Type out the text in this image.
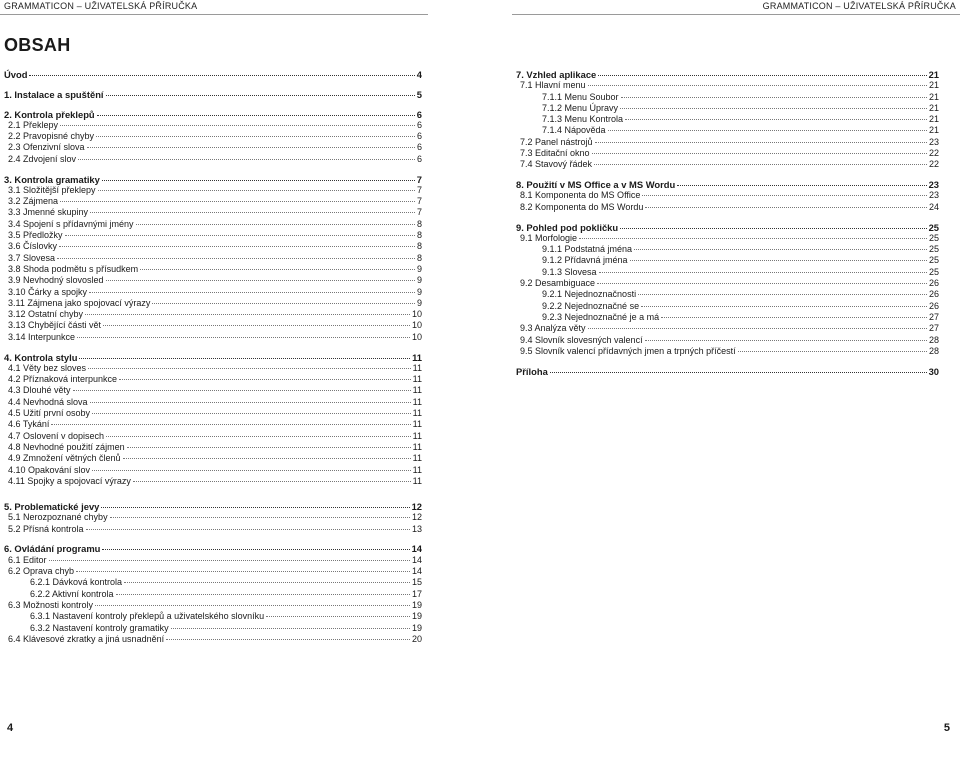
GRAMMATICON – UŽIVATELSKÁ PŘÍRUČKA	GRAMMATICON – UŽIVATELSKÁ PŘÍRUČKA
OBSAH
Úvod	4
1. Instalace a spuštění	5
2. Kontrola překlepů	6
2.1 Překlepy	6
2.2 Pravopisné chyby	6
2.3 Ofenzivní slova	6
2.4 Zdvojení slov	6
3. Kontrola gramatiky	7
3.1 Složitější překlepy	7
3.2 Zájmena	7
3.3 Jmenné skupiny	7
3.4 Spojení s přídavnými jmény	8
3.5 Předložky	8
3.6 Číslovky	8
3.7 Slovesa	8
3.8 Shoda podmětu s přísudkem	9
3.9 Nevhodný slovosled	9
3.10 Čárky a spojky	9
3.11 Zájmena jako spojovací výrazy	9
3.12 Ostatní chyby	10
3.13 Chybějící části vět	10
3.14 Interpunkce	10
4. Kontrola stylu	11
4.1 Věty bez sloves	11
4.2 Příznaková interpunkce	11
4.3 Dlouhé věty	11
4.4 Nevhodná slova	11
4.5 Užití první osoby	11
4.6 Tykání	11
4.7 Oslovení v dopisech	11
4.8 Nevhodné použití zájmen	11
4.9 Zmnožení větných členů	11
4.10 Opakování slov	11
4.11 Spojky a spojovací výrazy	11
5. Problematické jevy	12
5.1 Nerozpoznané chyby	12
5.2 Přísná kontrola	13
6. Ovládání programu	14
6.1 Editor	14
6.2 Oprava chyb	14
6.2.1 Dávková kontrola	15
6.2.2 Aktivní kontrola	17
6.3 Možnosti kontroly	19
6.3.1 Nastavení kontroly překlepů a uživatelského slovníku	19
6.3.2 Nastavení kontroly gramatiky	19
6.4 Klávesové zkratky a jiná usnadnění	20
7. Vzhled aplikace	21
7.1 Hlavní menu	21
7.1.1 Menu Soubor	21
7.1.2 Menu Úpravy	21
7.1.3 Menu Kontrola	21
7.1.4 Nápověda	21
7.2 Panel nástrojů	23
7.3 Editační okno	22
7.4 Stavový řádek	22
8. Použití v MS Office a v MS Wordu	23
8.1 Komponenta do MS Office	23
8.2 Komponenta do MS Wordu	24
9. Pohled pod pokličku	25
9.1 Morfologie	25
9.1.1 Podstatná jména	25
9.1.2 Přídavná jména	25
9.1.3 Slovesa	25
9.2 Desambiguace	26
9.2.1 Nejednoznačnosti	26
9.2.2 Nejednoznačné se	26
9.2.3 Nejednoznačné je a má	27
9.3 Analýza věty	27
9.4 Slovník slovesných valencí	28
9.5 Slovník valencí přídavných jmen a trpných příčestí	28
Příloha	30
4	5
